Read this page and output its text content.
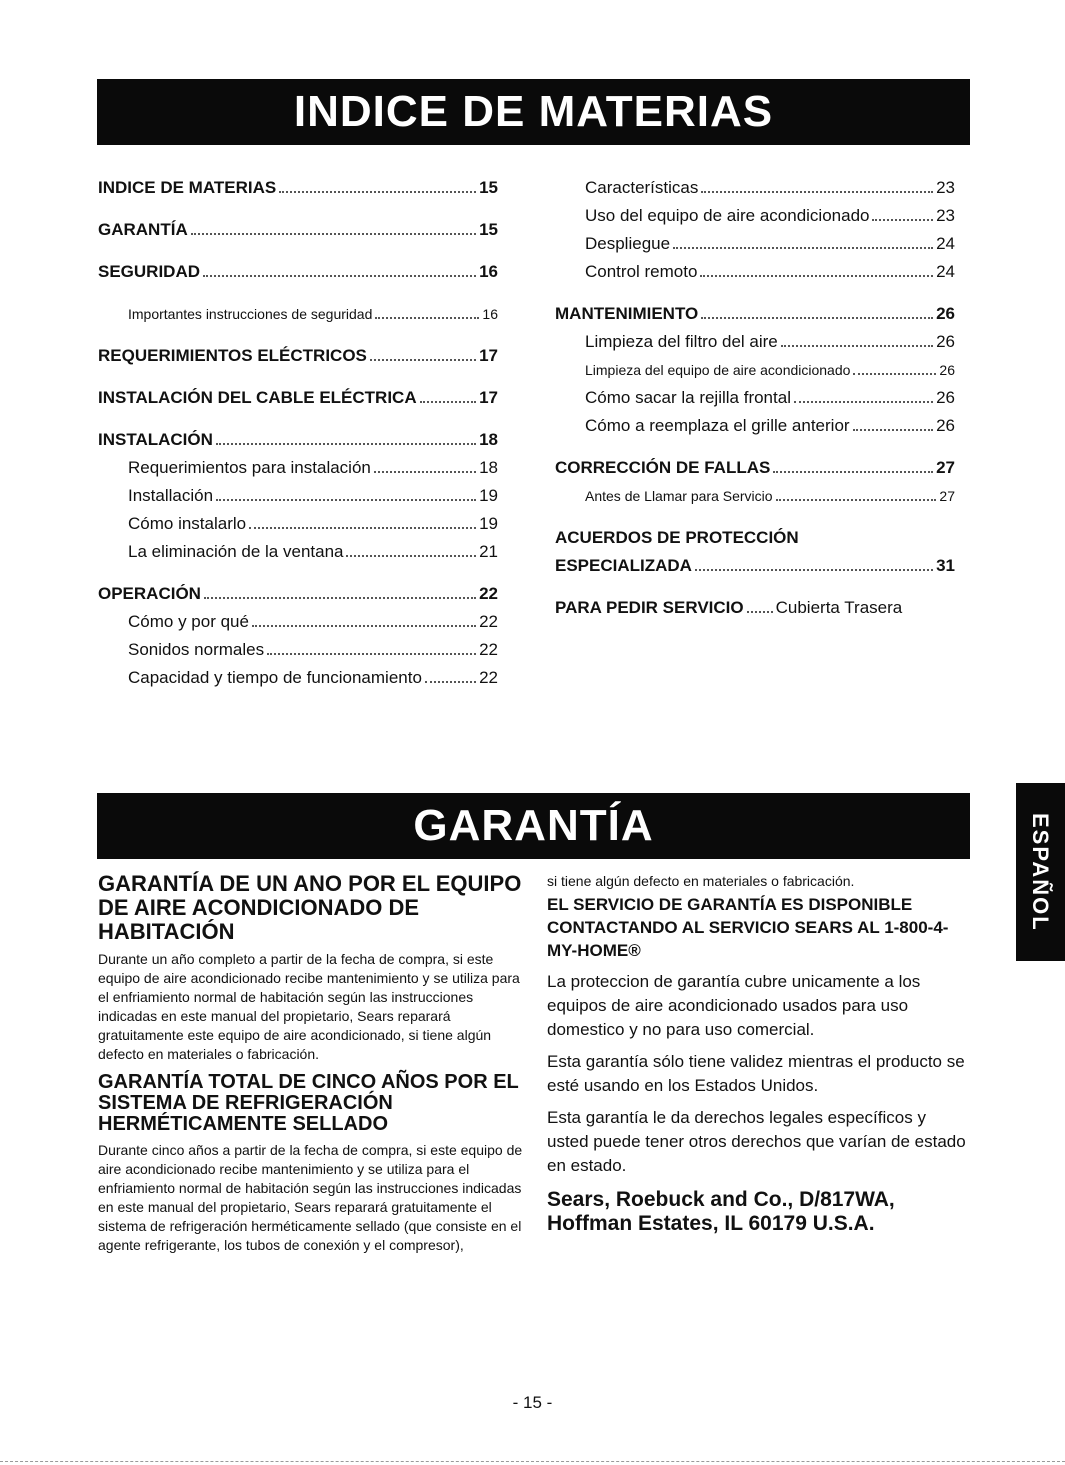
INDICE DE MATERIAS
INDICE DE MATERIAS	15
GARANTÍA	15
SEGURIDAD	16
Importantes instrucciones de seguridad	16
REQUERIMIENTOS ELÉCTRICOS	17
INSTALACIÓN DEL CABLE ELÉCTRICA	17
INSTALACIÓN	18
Requerimientos para instalación	18
Installación	19
Cómo instalarlo	19
La eliminación de la ventana	21
OPERACIÓN	22
Cómo y por qué	22
Sonidos normales	22
Capacidad y tiempo de funcionamiento	22
Características	23
Uso del equipo de aire acondicionado	23
Despliegue	24
Control remoto	24
MANTENIMIENTO	26
Limpieza del filtro del aire	26
Limpieza del equipo de aire acondicionado	26
Cómo sacar la rejilla frontal	26
Cómo a reemplaza el grille anterior	26
CORRECCIÓN DE FALLAS	27
Antes de Llamar para Servicio	27
ACUERDOS DE PROTECCIÓN
ESPECIALIZADA	31
PARA PEDIR SERVICIO Cubierta Trasera
GARANTÍA	ESPAÑOL

GARANTÍA DE UN ANO POR EL EQUIPO DE AIRE ACONDICIONADO DE HABITACIÓN

Durante un año completo a partir de la fecha de compra, si este equipo de aire acondicionado recibe mantenimiento y se utiliza para el enfriamiento normal de habitación según las instrucciones indicadas en este manual del propietario, Sears reparará gratuitamente este equipo de aire acondicionado, si tiene algún defecto en materiales o fabricación.

GARANTÍA TOTAL DE CINCO AÑOS POR EL SISTEMA DE REFRIGERACIÓN HERMÉTICAMENTE SELLADO

Durante cinco años a partir de la fecha de compra, si este equipo de aire acondicionado recibe mantenimiento y se utiliza para el enfriamiento normal de habitación según las instrucciones indicadas en este manual del propietario, Sears reparará gratuitamente el sistema de refrigeración herméticamente sellado (que consiste en el agente refrigerante, los tubos de conexión y el compresor),

si tiene algún defecto en materiales o fabricación.

EL SERVICIO DE GARANTÍA ES DISPONIBLE CONTACTANDO AL SERVICIO SEARS AL 1-800-4-MY-HOME®

La proteccion de garantía cubre unicamente a los equipos de aire acondicionado usados para uso domestico y no para uso comercial.

Esta garantía sólo tiene validez mientras el producto se esté usando en los Estados Unidos.

Esta garantía le da derechos legales específicos y usted puede tener otros derechos que varían de estado en estado.

Sears, Roebuck and Co., D/817WA,
Hoffman Estates, IL 60179 U.S.A.
- 15 -
